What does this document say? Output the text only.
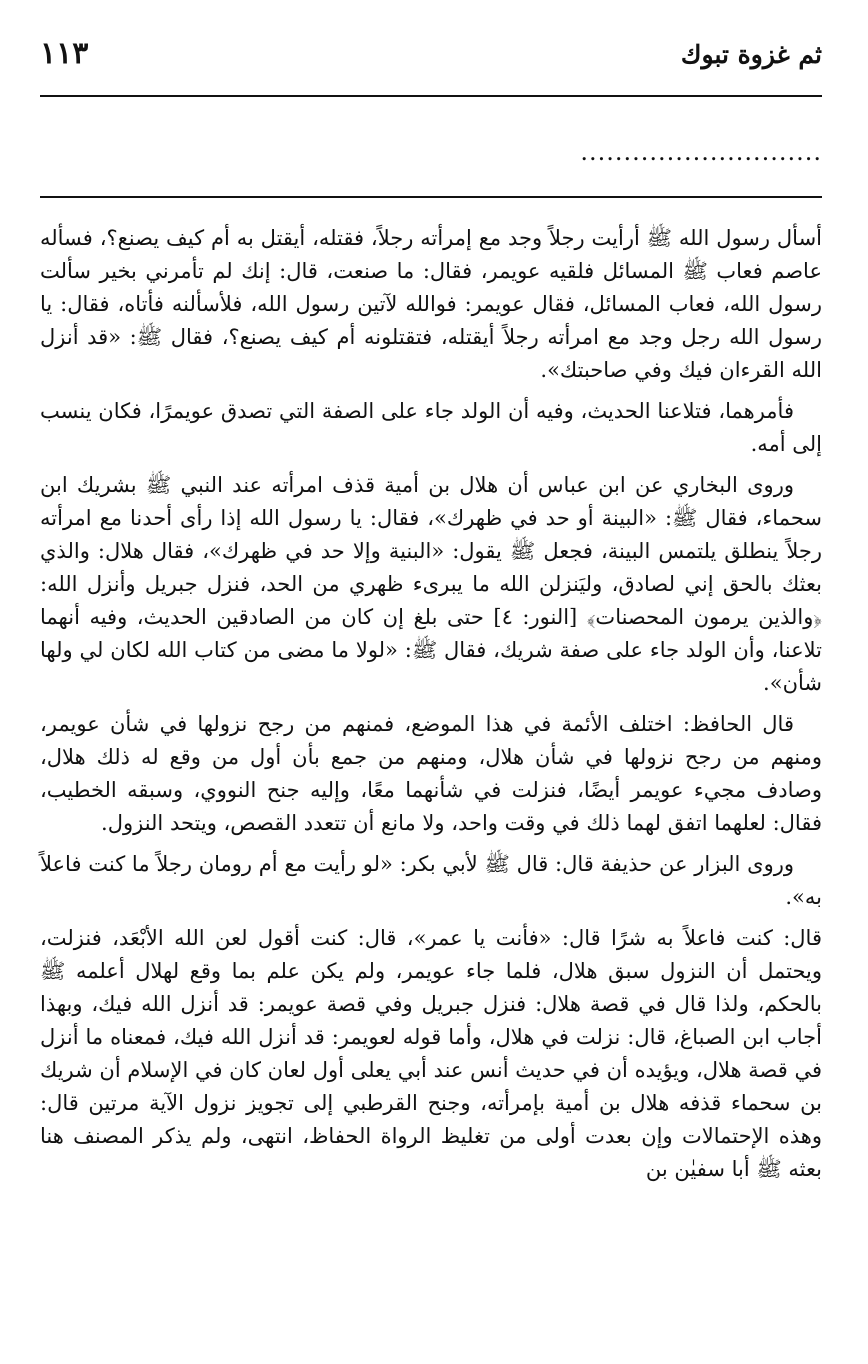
ثم غزوة تبوك
١١٣
............................

أسأل رسول الله ﷺ أرأيت رجلاً وجد مع إمرأته رجلاً، فقتله، أيقتل به أم كيف يصنع؟، فسأله عاصم فعاب ﷺ المسائل فلقيه عويمر، فقال: ما صنعت، قال: إنك لم تأمرني بخير سألت رسول الله، فعاب المسائل، فقال عويمر: فوالله لآتين رسول الله، فلأسألنه فأتاه، فقال: يا رسول الله رجل وجد مع امرأته رجلاً أيقتله، فتقتلونه أم كيف يصنع؟، فقال ﷺ: «قد أنزل الله القرءان فيك وفي صاحبتك».

فأمرهما، فتلاعنا الحديث، وفيه أن الولد جاء على الصفة التي تصدق عويمرًا، فكان ينسب إلى أمه.

وروى البخاري عن ابن عباس أن هلال بن أمية قذف امرأته عند النبي ﷺ بشريك ابن سحماء، فقال ﷺ: «البينة أو حد في ظهرك»، فقال: يا رسول الله إذا رأى أحدنا مع امرأته رجلاً ينطلق يلتمس البينة، فجعل ﷺ يقول: «البنية وإلا حد في ظهرك»، فقال هلال: والذي بعثك بالحق إني لصادق، وليَنزلن الله ما يبرىء ظهري من الحد، فنزل جبريل وأنزل الله: ﴿والذين يرمون المحصنات﴾ [النور: ٤] حتى بلغ إن كان من الصادقين الحديث، وفيه أنهما تلاعنا، وأن الولد جاء على صفة شريك، فقال ﷺ: «لولا ما مضى من كتاب الله لكان لي ولها شأن».

قال الحافظ: اختلف الأئمة في هذا الموضع، فمنهم من رجح نزولها في شأن عويمر، ومنهم من رجح نزولها في شأن هلال، ومنهم من جمع بأن أول من وقع له ذلك هلال، وصادف مجيء عويمر أيضًا، فنزلت في شأنهما معًا، وإليه جنح النووي، وسبقه الخطيب، فقال: لعلهما اتفق لهما ذلك في وقت واحد، ولا مانع أن تتعدد القصص، ويتحد النزول.

وروى البزار عن حذيفة قال: قال ﷺ لأبي بكر: «لو رأيت مع أم رومان رجلاً ما كنت فاعلاً به».

قال: كنت فاعلاً به شرًا قال: «فأنت يا عمر»، قال: كنت أقول لعن الله الأبْعَد، فنزلت، ويحتمل أن النزول سبق هلال، فلما جاء عويمر، ولم يكن علم بما وقع لهلال أعلمه ﷺ بالحكم، ولذا قال في قصة هلال: فنزل جبريل وفي قصة عويمر: قد أنزل الله فيك، وبهذا أجاب ابن الصباغ، قال: نزلت في هلال، وأما قوله لعويمر: قد أنزل الله فيك، فمعناه ما أنزل في قصة هلال، ويؤيده أن في حديث أنس عند أبي يعلى أول لعان كان في الإسلام أن شريك بن سحماء قذفه هلال بن أمية بإمرأته، وجنح القرطبي إلى تجويز نزول الآية مرتين قال: وهذه الإحتمالات وإن بعدت أولى من تغليظ الرواة الحفاظ، انتهى، ولم يذكر المصنف هنا بعثه ﷺ أبا سفيٰن بن
